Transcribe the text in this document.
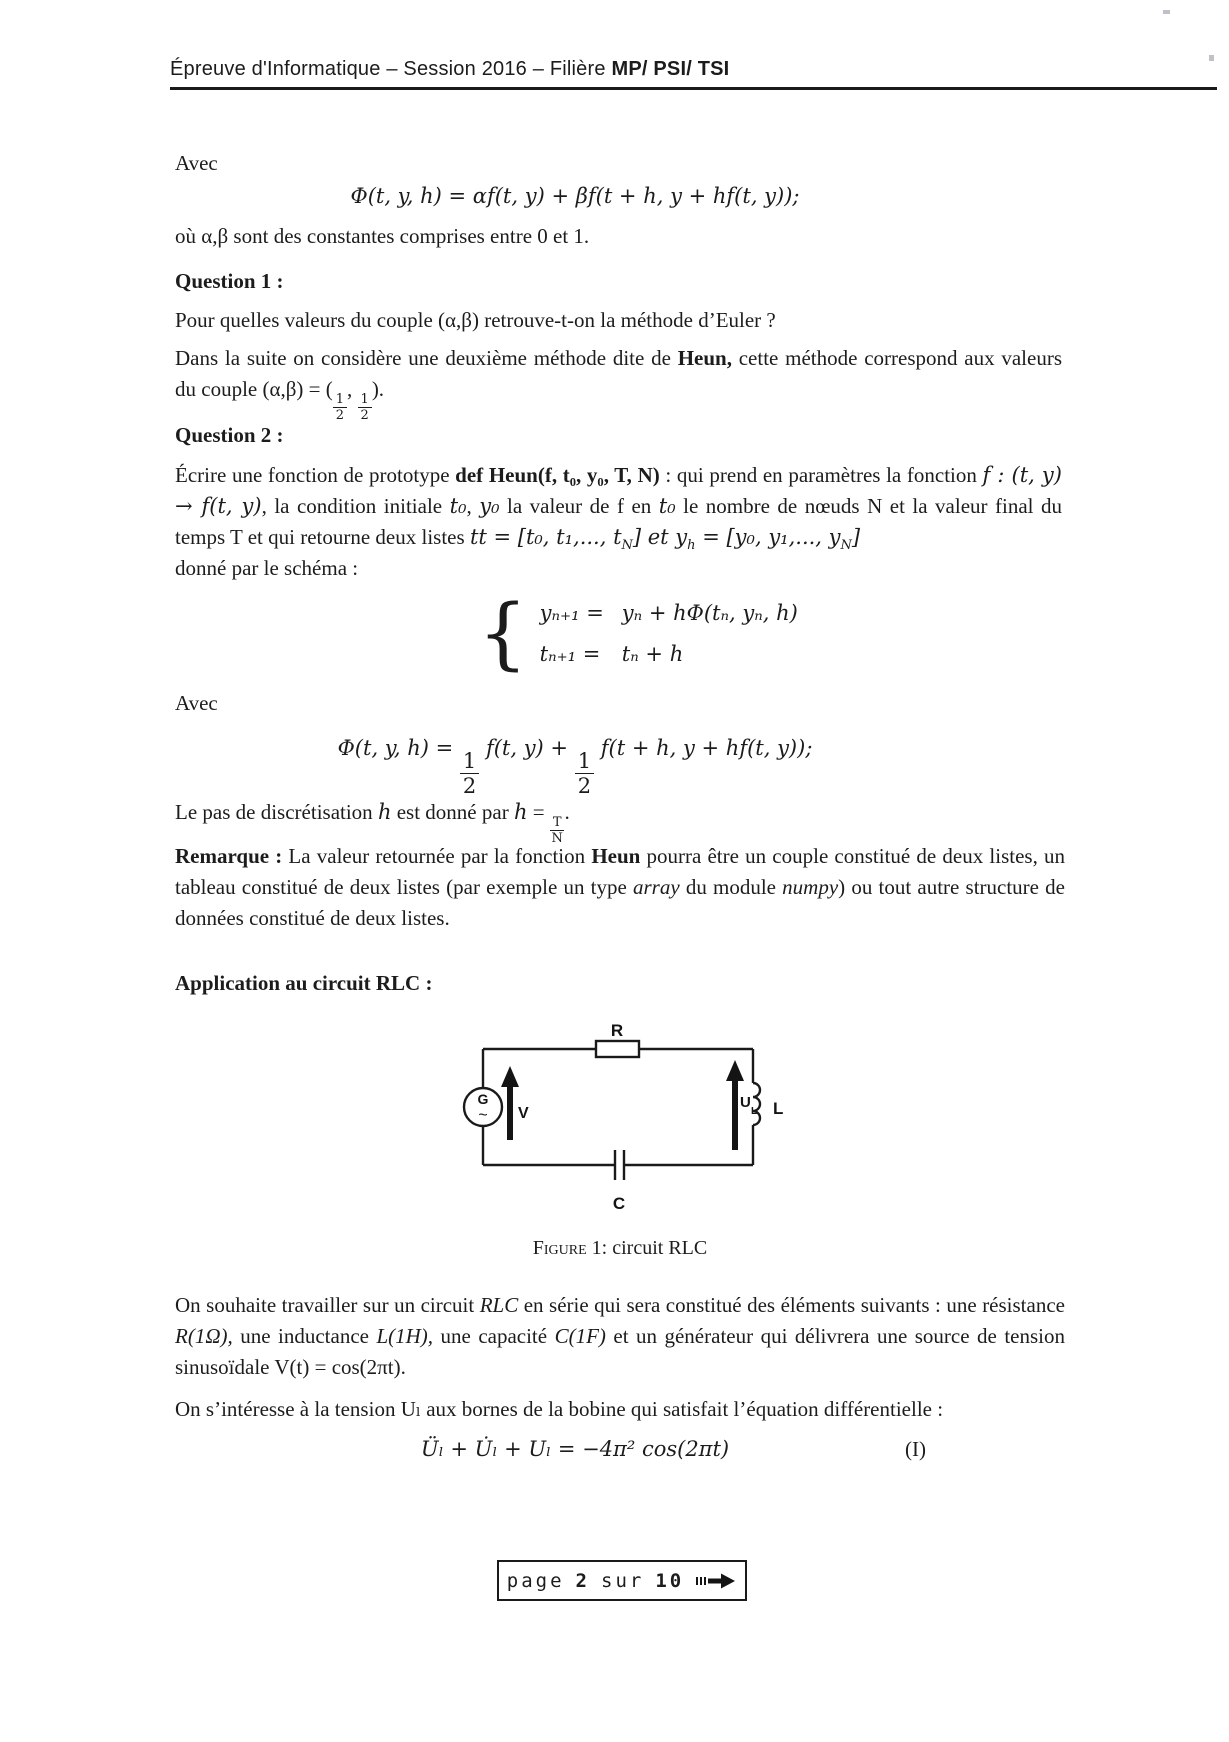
Épreuve d'Informatique – Session 2016 – Filière MP/ PSI/ TSI
Avec
Φ(t, y, h) = αf(t, y) + βf(t + h, y + hf(t, y));
où α,β sont des constantes comprises entre 0 et 1.
Question 1 :
Pour quelles valeurs du couple (α,β) retrouve-t-on la méthode d’Euler ?
Dans la suite on considère une deuxième méthode dite de Heun, cette méthode correspond aux valeurs du couple (α,β) = (
$\frac{1}{2}$
,
$\frac{1}{2}$
).
Question 2 :
Écrire une fonction de prototype def Heun(f, t₀, y₀, T, N) : qui prend en paramètres la fonction f : (t, y) → f(t, y), la condition initiale t₀, y₀ la valeur de f en t₀ le nombre de nœuds N et la valeur final du temps T et qui retourne deux listes tt = [t₀, t₁,..., $t_N$] et $y_h = [y_0$, y₁,..., $y_N$]
donné par le schéma :
{ yₙ₊₁ = yₙ + hΦ(tₙ, yₙ, h)
tₙ₊₁ = tₙ + h
Avec
Φ(t, y, h) =
$\frac{1}{2}$
f(t, y) +
$\frac{1}{2}$
f(t + h, y + hf(t, y));
Le pas de discrétisation h est donné par h =
$\frac{T}{N}$
.
Remarque : La valeur retournée par la fonction Heun pourra être un couple constitué de deux listes, un tableau constitué de deux listes (par exemple un type array du module numpy) ou tout autre structure de données constitué de deux listes.
Application au circuit RLC :
R
C
L
V
G
~
U
L
Figure 1: circuit RLC
On souhaite travailler sur un circuit RLC en série qui sera constitué des éléments suivants : une résistance R(1Ω), une inductance L(1H), une capacité C(1F) et un générateur qui délivrera une source de tension sinusoïdale V(t) = cos(2πt).
On s’intéresse à la tension Uₗ aux bornes de la bobine qui satisfait l’équation différentielle :
Üₗ + U̇ₗ + Uₗ = −4π² cos(2πt)	(I)
page 2 sur 10
